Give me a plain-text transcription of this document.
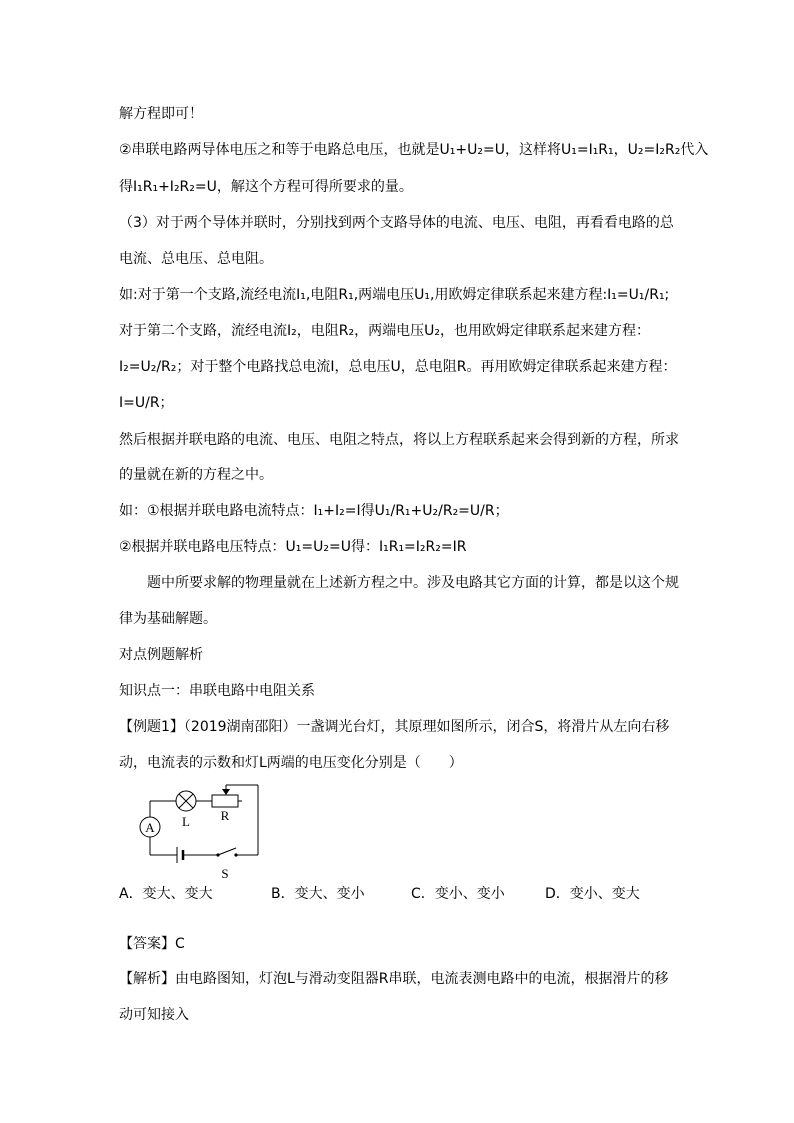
解方程即可！
②串联电路两导体电压之和等于电路总电压，也就是U₁+U₂=U，这样将U₁=I₁R₁，U₂=I₂R₂代入
得I₁R₁+I₂R₂=U，解这个方程可得所要求的量。
（3）对于两个导体并联时，分别找到两个支路导体的电流、电压、电阻，再看看电路的总
电流、总电压、总电阻。
如:对于第一个支路,流经电流I₁,电阻R₁,两端电压U₁,用欧姆定律联系起来建方程:I₁=U₁/R₁;
对于第二个支路，流经电流I₂，电阻R₂，两端电压U₂，也用欧姆定律联系起来建方程：
I₂=U₂/R₂；对于整个电路找总电流I，总电压U，总电阻R。再用欧姆定律联系起来建方程：
I=U/R；
然后根据并联电路的电流、电压、电阻之特点，将以上方程联系起来会得到新的方程，所求
的量就在新的方程之中。
如：①根据并联电路电流特点：I₁+I₂=I得U₁/R₁+U₂/R₂=U/R；
②根据并联电路电压特点：U₁=U₂=U得：I₁R₁=I₂R₂=IR
题中所要求解的物理量就在上述新方程之中。涉及电路其它方面的计算，都是以这个规
律为基础解题。
对点例题解析
知识点一：串联电路中电阻关系
【例题1】（2019湖南邵阳）一盏调光台灯，其原理如图所示，闭合S，将滑片从左向右移
动，电流表的示数和灯L两端的电压变化分别是（　　）
A L R
S
A．变大、变大	B．变大、变小	C．变小、变小	D．变小、变大
【答案】C
【解析】由电路图知，灯泡L与滑动变阻器R串联，电流表测电路中的电流，根据滑片的移
动可知接入
